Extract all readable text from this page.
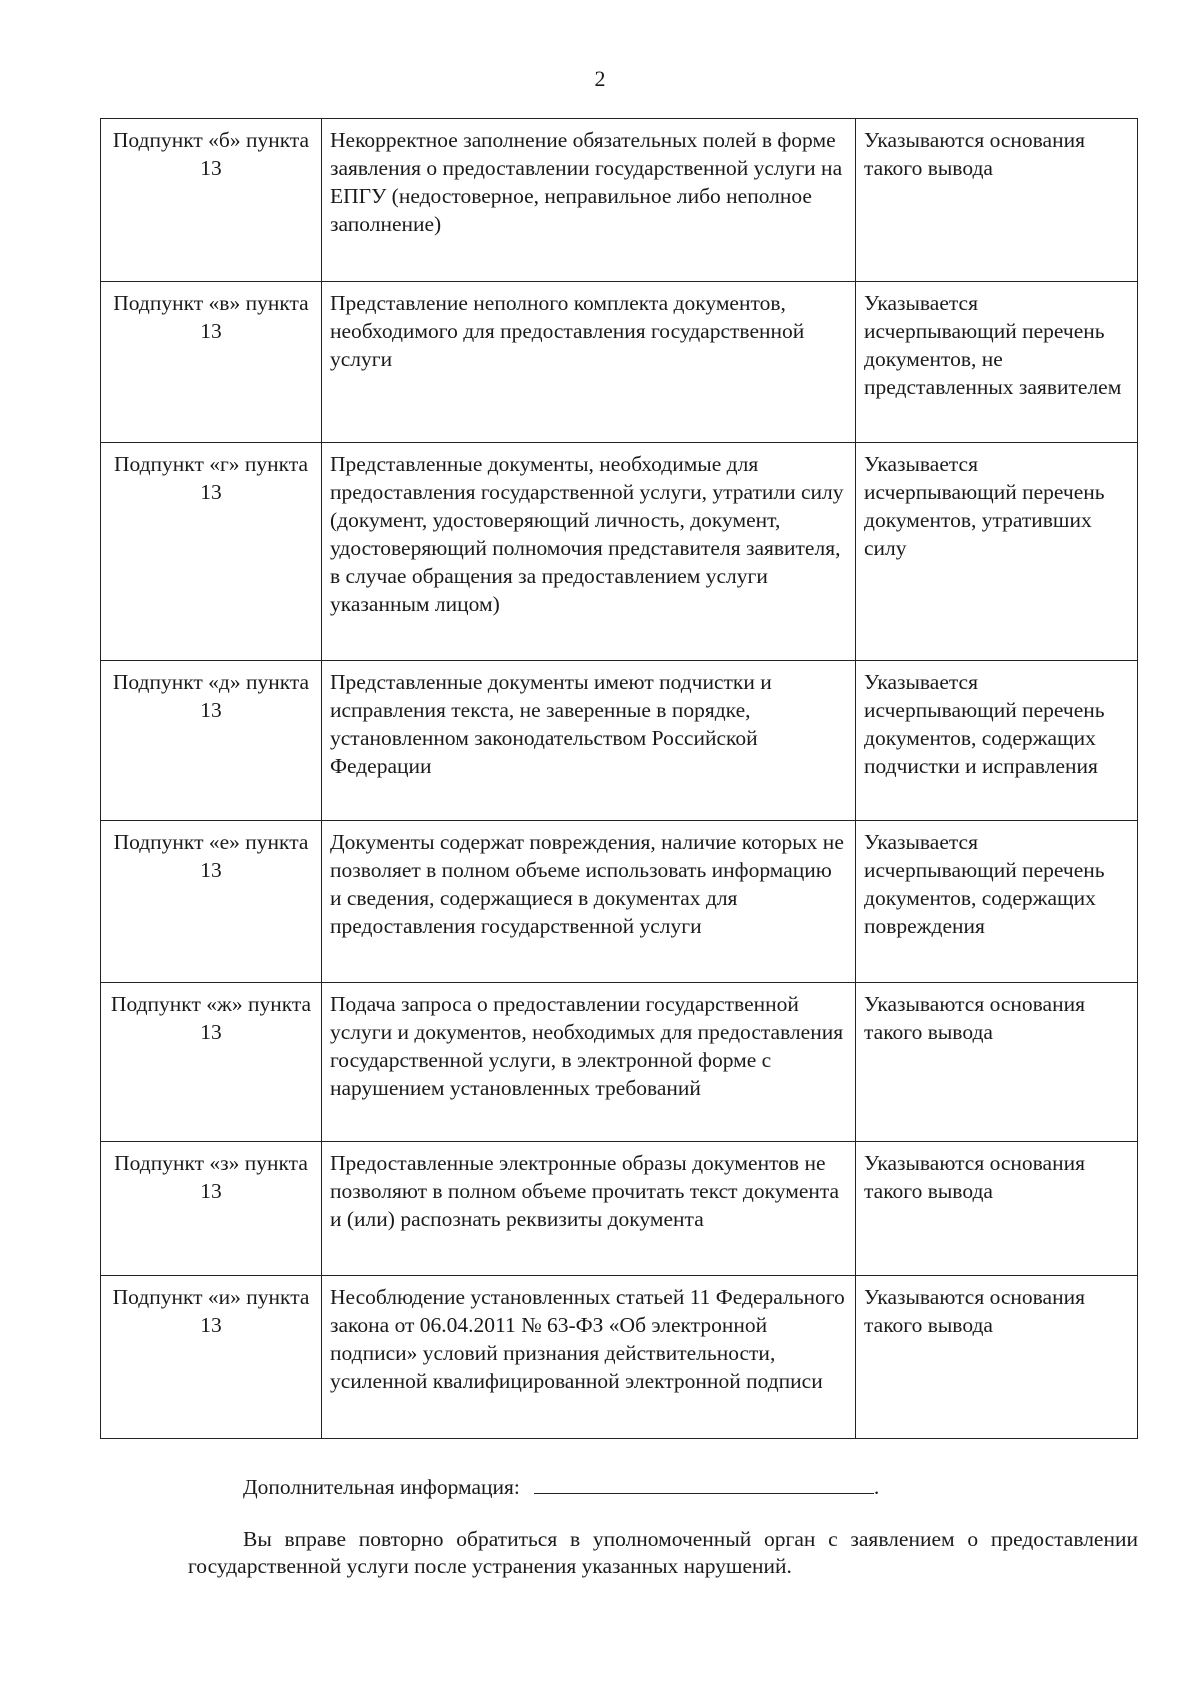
2
Подпункт «б» пункта 13	Некорректное заполнение обязательных полей в форме заявления о предоставлении государственной услуги на ЕПГУ (недостоверное, неправильное либо неполное заполнение)	Указываются основания такого вывода
Подпункт «в» пункта 13	Представление неполного комплекта документов, необходимого для предоставления государственной услуги	Указывается исчерпывающий перечень документов, не представленных заявителем
Подпункт «г» пункта 13	Представленные документы, необходимые для предоставления государственной услуги, утратили силу (документ, удостоверяющий личность, документ, удостоверяющий полномочия представителя заявителя, в случае обращения за предоставлением услуги указанным лицом)	Указывается исчерпывающий перечень документов, утративших силу
Подпункт «д» пункта 13	Представленные документы имеют подчистки и исправления текста, не заверенные в порядке, установленном законодательством Российской Федерации	Указывается исчерпывающий перечень документов, содержащих подчистки и исправления
Подпункт «е» пункта 13	Документы содержат повреждения, наличие которых не позволяет в полном объеме использовать информацию и сведения, содержащиеся в документах для предоставления государственной услуги	Указывается исчерпывающий перечень документов, содержащих повреждения
Подпункт «ж» пункта 13	Подача запроса о предоставлении государственной услуги и документов, необходимых для предоставления государственной услуги, в электронной форме с нарушением установленных требований	Указываются основания такого вывода
Подпункт «з» пункта 13	Предоставленные электронные образы документов не позволяют в полном объеме прочитать текст документа и (или) распознать реквизиты документа	Указываются основания такого вывода
Подпункт «и» пункта 13	Несоблюдение установленных статьей 11 Федерального закона от 06.04.2011 № 63-ФЗ «Об электронной подписи» условий признания действительности, усиленной квалифицированной электронной подписи	Указываются основания такого вывода
Дополнительная информация:	.
Вы вправе повторно обратиться в уполномоченный орган с заявлением о предоставлении государственной услуги после устранения указанных нарушений.
